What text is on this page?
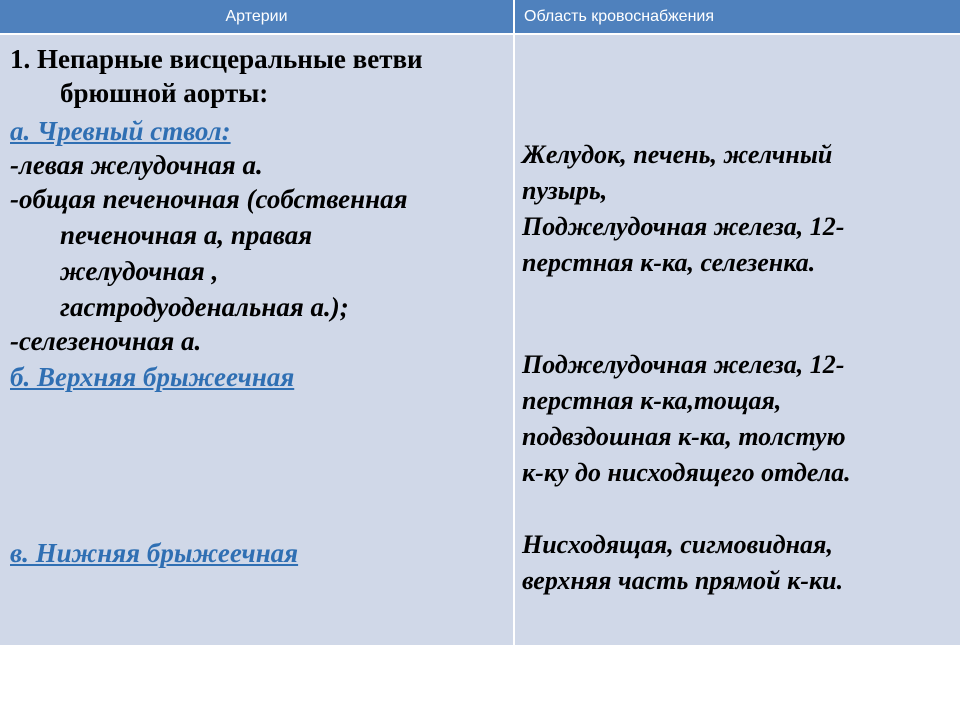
Артерии	Область кровоснабжения
1. Непарные висцеральные ветви
брюшной аорты:
а. Чревный ствол:
-левая желудочная а.
-общая печеночная (собственная
печеночная а, правая
желудочная ,
гастродуоденальная а.);
-селезеночная а.
б. Верхняя брыжеечная
в. Нижняя брыжеечная
Желудок, печень, желчный
пузырь,
Поджелудочная железа, 12-
перстная к-ка, селезенка.
Поджелудочная железа, 12-
перстная к-ка,тощая,
подвздошная к-ка, толстую
к-ку до нисходящего отдела.
Нисходящая, сигмовидная,
верхняя часть прямой к-ки.
